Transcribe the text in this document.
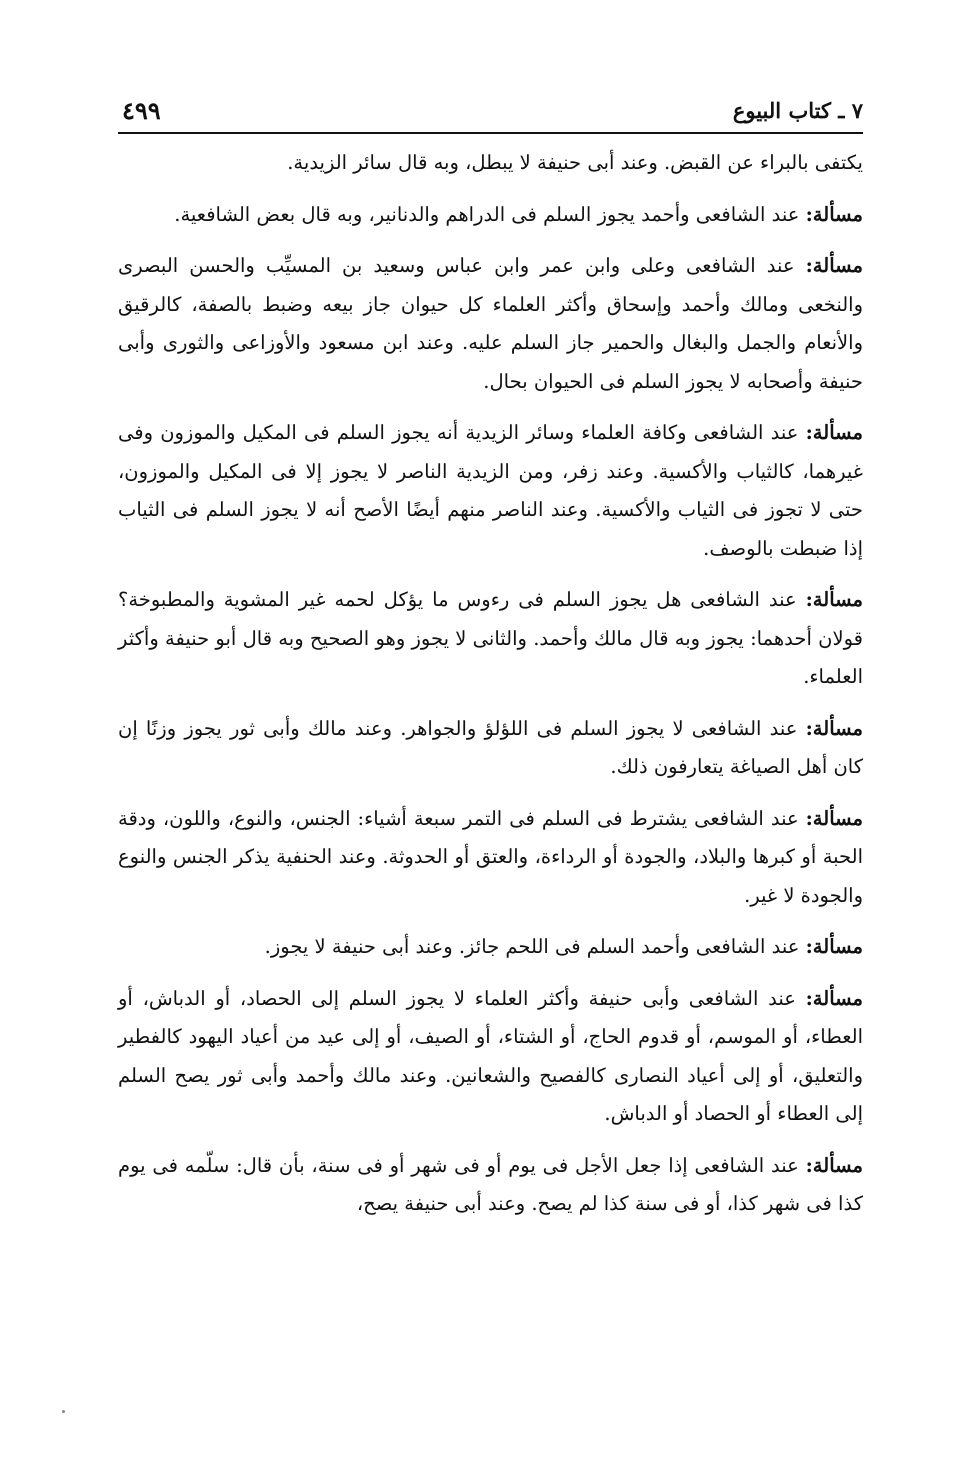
٧ ـ كتاب البيوع
٤٩٩

يكتفى بالبراء عن القبض. وعند أبى حنيفة لا يبطل، وبه قال سائر الزيدية.

مسألة: عند الشافعى وأحمد يجوز السلم فى الدراهم والدنانير، وبه قال بعض الشافعية.

مسألة: عند الشافعى وعلى وابن عمر وابن عباس وسعيد بن المسيِّب والحسن البصرى والنخعى ومالك وأحمد وإسحاق وأكثر العلماء كل حيوان جاز بيعه وضبط بالصفة، كالرقيق والأنعام والجمل والبغال والحمير جاز السلم عليه. وعند ابن مسعود والأوزاعى والثورى وأبى حنيفة وأصحابه لا يجوز السلم فى الحيوان بحال.

مسألة: عند الشافعى وكافة العلماء وسائر الزيدية أنه يجوز السلم فى المكيل والموزون وفى غيرهما، كالثياب والأكسية. وعند زفر، ومن الزيدية الناصر لا يجوز إلا فى المكيل والموزون، حتى لا تجوز فى الثياب والأكسية. وعند الناصر منهم أيضًا الأصح أنه لا يجوز السلم فى الثياب إذا ضبطت بالوصف.

مسألة: عند الشافعى هل يجوز السلم فى رءوس ما يؤكل لحمه غير المشوية والمطبوخة؟ قولان أحدهما: يجوز وبه قال مالك وأحمد. والثانى لا يجوز وهو الصحيح وبه قال أبو حنيفة وأكثر العلماء.

مسألة: عند الشافعى لا يجوز السلم فى اللؤلؤ والجواهر. وعند مالك وأبى ثور يجوز وزنًا إن كان أهل الصياغة يتعارفون ذلك.

مسألة: عند الشافعى يشترط فى السلم فى التمر سبعة أشياء: الجنس، والنوع، واللون، ودقة الحبة أو كبرها والبلاد، والجودة أو الرداءة، والعتق أو الحدوثة. وعند الحنفية يذكر الجنس والنوع والجودة لا غير.

مسألة: عند الشافعى وأحمد السلم فى اللحم جائز. وعند أبى حنيفة لا يجوز.

مسألة: عند الشافعى وأبى حنيفة وأكثر العلماء لا يجوز السلم إلى الحصاد، أو الدباش، أو العطاء، أو الموسم، أو قدوم الحاج، أو الشتاء، أو الصيف، أو إلى عيد من أعياد اليهود كالفطير والتعليق، أو إلى أعياد النصارى كالفصيح والشعانين. وعند مالك وأحمد وأبى ثور يصح السلم إلى العطاء أو الحصاد أو الدباش.

مسألة: عند الشافعى إذا جعل الأجل فى يوم أو فى شهر أو فى سنة، بأن قال: سلّمه فى يوم كذا فى شهر كذا، أو فى سنة كذا لم يصح. وعند أبى حنيفة يصح،
